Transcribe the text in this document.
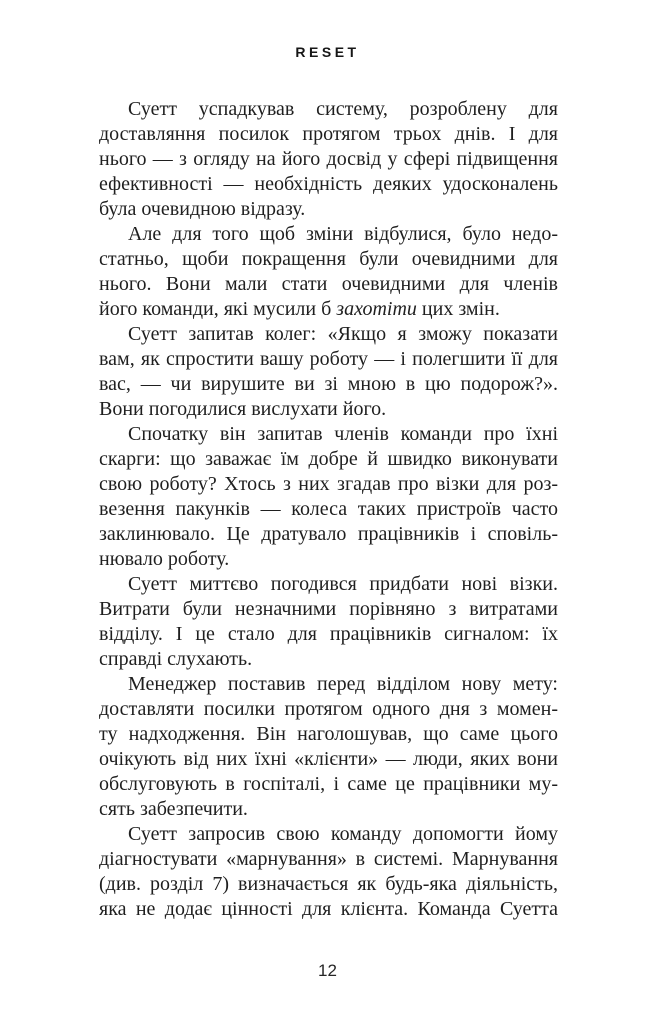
RESET
Суетт успадкував систему, розроблену для
доставляння посилок протягом трьох днів. І для
нього — з огляду на його досвід у сфері підвищення
ефективності — необхідність деяких удосконалень
була очевидною відразу.
Але для того щоб зміни відбулися, було недо-
статньо, щоби покращення були очевидними для
нього. Вони мали стати очевидними для членів
його команди, які мусили б захотіти цих змін.
Суетт запитав колег: «Якщо я зможу показати
вам, як спростити вашу роботу — і полегшити її для
вас, — чи вирушите ви зі мною в цю подорож?».
Вони погодилися вислухати його.
Спочатку він запитав членів команди про їхні
скарги: що заважає їм добре й швидко виконувати
свою роботу? Хтось з них згадав про візки для роз-
везення пакунків — колеса таких пристроїв часто
заклинювало. Це дратувало працівників і сповіль-
нювало роботу.
Суетт миттєво погодився придбати нові візки.
Витрати були незначними порівняно з витратами
відділу. І це стало для працівників сигналом: їх
справді слухають.
Менеджер поставив перед відділом нову мету:
доставляти посилки протягом одного дня з момен-
ту надходження. Він наголошував, що саме цього
очікують від них їхні «клієнти» — люди, яких вони
обслуговують в госпіталі, і саме це працівники му-
сять забезпечити.
Суетт запросив свою команду допомогти йому
діагностувати «марнування» в системі. Марнування
(див. розділ 7) визначається як будь-яка діяльність,
яка не додає цінності для клієнта. Команда Суетта
12
